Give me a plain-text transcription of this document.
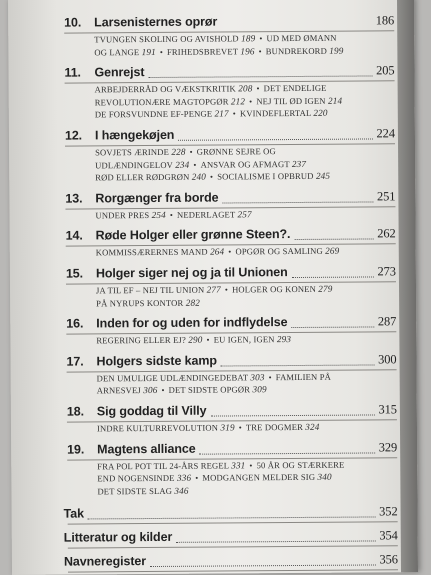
10.	Larsenisternes oprør	186
TVUNGEN SKOLING OG AVISHOLD 189 • UD MED ØMANN
OG LANGE 191 • FRIHEDSBREVET 196 • BUNDREKORD 199
11.	Genrejst	205
ARBEJDERRÅD OG VÆKSTKRITIK 208 • DET ENDELIGE
REVOLUTIONÆRE MAGTOPGØR 212 • NEJ TIL ØD IGEN 214
DE FORSVUNDNE EF-PENGE 217 • KVINDEFLERTAL 220
12.	I hængekøjen	224
SOVJETS ÆRINDE 228 • GRØNNE SEJRE OG
UDLÆNDINGELOV 234 • ANSVAR OG AFMAGT 237
RØD ELLER RØDGRØN 240 • SOCIALISME I OPBRUD 245
13.	Rorgænger fra borde	251
UNDER PRES 254 • NEDERLAGET 257
14.	Røde Holger eller grønne Steen?.	262
KOMMISSÆRERNES MAND 264 • OPGØR OG SAMLING 269
15.	Holger siger nej og ja til Unionen	273
JA TIL EF – NEJ TIL UNION 277 • HOLGER OG KONEN 279
PÅ NYRUPS KONTOR 282
16.	Inden for og uden for indflydelse	287
REGERING ELLER EJ? 290 • EU IGEN, IGEN 293
17.	Holgers sidste kamp	300
DEN UMULIGE UDLÆNDINGEDEBAT 303 • FAMILIEN PÅ
ARNESVEJ 306 • DET SIDSTE OPGØR 309
18.	Sig goddag til Villy	315
INDRE KULTURREVOLUTION 319 • TRE DOGMER 324
19.	Magtens alliance	329
FRA POL POT TIL 24-ÅRS REGEL 331 • 50 ÅR OG STÆRKERE
END NOGENSINDE 336 • MODGANGEN MELDER SIG 340
DET SIDSTE SLAG 346
Tak	352
Litteratur og kilder	354
Navneregister	356
